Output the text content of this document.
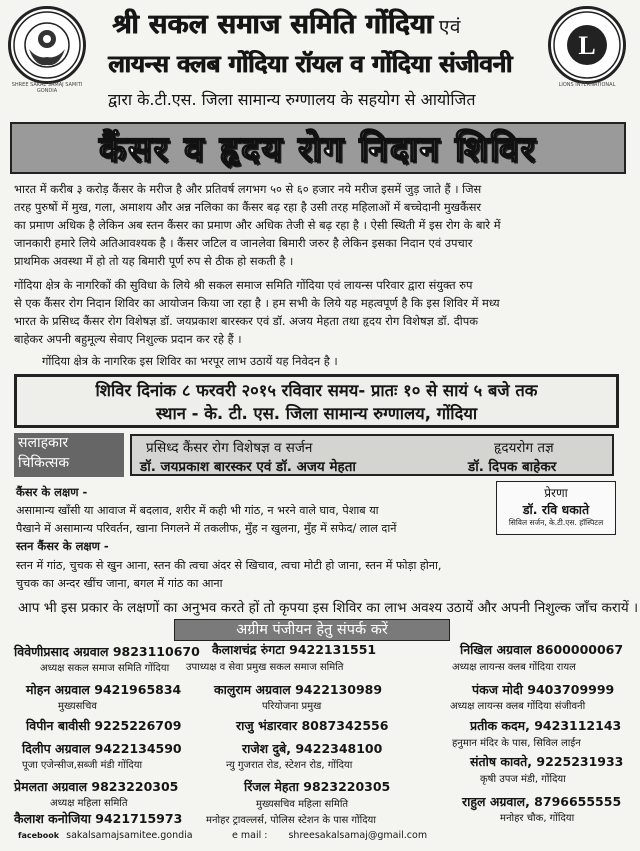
SHREE SAKAL SAMAJ SAMITI GONDIA
L
LIONS INTERNATIONAL
श्री सकल समाज समिति गोंदिया एवं
लायन्स क्लब गोंदिया रॉयल व गोंदिया संजीवनी
द्वारा के.टी.एस. जिला सामान्य रुग्णालय के सहयोग से आयोजित
कैंसर व हृदय रोग निदान शिविर
भारत में करीब ३ करोड़ कैंसर के मरीज है और प्रतिवर्ष लगभग ५० से ६० हजार नये मरीज इसमें जुड़ जाते हैं । जिस
तरह पुरुषों में मुख, गला, अमाशय और अन्न नलिका का कैंसर बढ़ रहा है उसी तरह महिलाओं में बच्चेदानी मुखकैंसर
का प्रमाण अधिक है लेकिन अब स्तन कैंसर का प्रमाण और अधिक तेजी से बढ़ रहा है । ऐसी स्थिती में इस रोग के बारे में
जानकारी हमारे लिये अतिआवश्यक है । कैंसर जटिल व जानलेवा बिमारी जरुर है लेकिन इसका निदान एवं उपचार
प्राथमिक अवस्था में हो तो यह बिमारी पूर्ण रुप से ठीक हो सकती है ।
गोंदिया क्षेत्र के नागरिकों की सुविधा के लिये श्री सकल समाज समिति गोंदिया एवं लायन्स परिवार द्वारा संयुक्त रुप
से एक कैंसर रोग निदान शिविर का आयोजन किया जा रहा है । हम सभी के लिये यह महत्वपूर्ण है कि इस शिविर में मध्य
भारत के प्रसिध्द कैंसर रोग विशेषज्ञ डॉ. जयप्रकाश बारस्कर एवं डॉ. अजय मेहता तथा हृदय रोग विशेषज्ञ डॉ. दीपक
बाहेकर अपनी बहुमूल्य सेवाए निशुल्क प्रदान कर रहे हैं ।
गोंदिया क्षेत्र के नागरिक इस शिविर का भरपूर लाभ उठायें यह निवेदन है ।
शिविर दिनांक ८ फरवरी २०१५ रविवार समय- प्रातः १० से सायं ५ बजे तक
स्थान - के. टी. एस. जिला सामान्य रुग्णालय, गोंदिया
सलाहकार
चिकित्सक
प्रसिध्द कैंसर रोग विशेषज्ञ व सर्जन	हृदयरोग तज्ञ
डॉ. जयप्रकाश बारस्कर एवं डॉ. अजय मेहता	डॉ. दिपक बाहेकर
प्रेरणा
डॉ. रवि धकाते
सिविल सर्जन, के.टी.एस. हॉस्पिटल
कैंसर के लक्षण -
असामान्य खाँसी या आवाज में बदलाव, शरीर में कही भी गांठ, न भरने वाले घाव, पेशाब या
पैखाने में असामान्य परिवर्तन, खाना निगलने में तकलीफ, मुँह न खुलना, मुँह में सफेद/ लाल दानें
स्तन कैंसर के लक्षण -
स्तन में गांठ, चुचक से खुन आना, स्तन की त्वचा अंदर से खिचाव, त्वचा मोटी हो जाना, स्तन में फोड़ा होना,
चुचक का अन्दर खींच जाना, बगल में गांठ का आना
आप भी इस प्रकार के लक्षणों का अनुभव करते हों तो कृपया इस शिविर का लाभ अवश्य उठायें और अपनी निशुल्क जाँच करायें ।
अग्रीम पंजीयन हेतु संपर्क करें
विवेणीप्रसाद अग्रवाल 9823110670
अध्यक्ष सकल समाज समिति गोंदिया
मोहन अग्रवाल 9421965834
मुख्यसचिव
विपीन बावीसी 9225226709
दिलीप अग्रवाल 9422134590
पूजा एजेन्सीज,सब्जी मंडी गोंदिया
प्रेमलता अग्रवाल 9823220305
अध्यक्ष महिला समिति
कैलाशचंद्र रुंगटा 9422131551
उपाध्यक्ष व सेवा प्रमुख सकल समाज समिति
कालुराम अग्रवाल 9422130989
परियोजना प्रमुख
राजु भंडारवार 8087342556
राजेश दुबे, 9422348100
न्यु गुजरात रोड, स्टेशन रोड, गोंदिया
रिंजल मेहता 9823220305
मुख्यसचिव महिला समिति
निखिल अग्रवाल 8600000067
अध्यक्ष लायन्स क्लब गोंदिया रायल
पंकज मोदी 9403709999
अध्यक्ष लायन्स क्लब गोंदिया संजीवनी
प्रतीक कदम, 9423112143
हनुमान मंदिर के पास, सिविल लाईन
संतोष कावते, 9225231933
कृषी उपज मंडी, गोंदिया
राहुल अग्रवाल, 8796655555
मनोहर चौक, गोंदिया
कैलाश कनोजिया 9421715973 मनोहर ट्रावल्लर्स, पोलिस स्टेशन के पास गोंदिया
facebook sakalsamajsamitee.gondia	e mail : shreesakalsamaj@gmail.com
